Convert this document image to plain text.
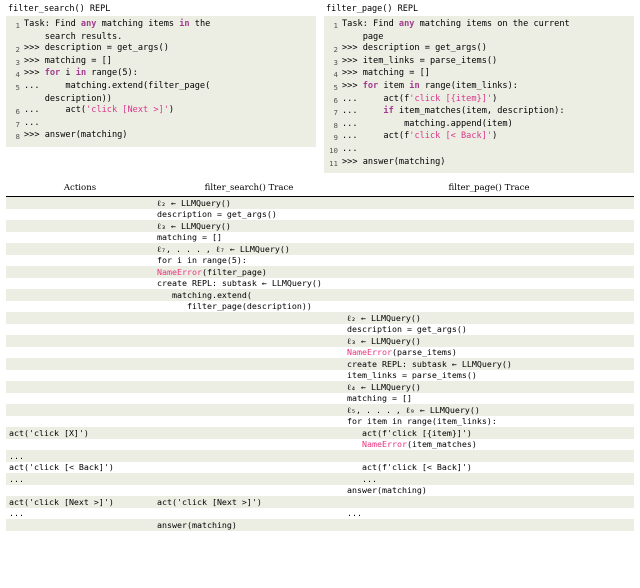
filter_search() REPL
1 Task: Find any matching items in the
search results.
2 >>> description = get_args()
3 >>> matching = []
4 >>> for i in range(5):
5 ...     matching.extend(filter_page(
description))
6 ...     act('click [Next >]')
7 ...
8 >>> answer(matching)
filter_page() REPL
1 Task: Find any matching items on the current
page
2 >>> description = get_args()
3 >>> item_links = parse_items()
4 >>> matching = []
5 >>> for item in range(item_links):
6 ...     act(f'click [{item}]')
7 ...     if item_matches(item, description):
8 ...         matching.append(item)
9 ...     act(f'click [< Back]')
10 ...
11 >>> answer(matching)
Actions	filter_search() Trace	filter_page() Trace
	ℓ₂ ← LLMQuery()	
	description = get_args()	
	ℓ₃ ← LLMQuery()	
	matching = []	
	ℓ₇, . . . , ℓ₇ ← LLMQuery()	
	for i in range(5):	
	NameError(filter_page)	
	create REPL: subtask ← LLMQuery()	
	matching.extend(	
	filter_page(description))	
		ℓ₂ ← LLMQuery()
		description = get_args()
		ℓ₃ ← LLMQuery()
		NameError(parse_items)
		create REPL: subtask ← LLMQuery()
		item_links = parse_items()
		ℓ₄ ← LLMQuery()
		matching = []
		ℓ₅, . . . , ℓ₉ ← LLMQuery()
		for item in range(item_links):
act('click [X]')		act(f'click [{item}]')
		NameError(item_matches)
...		
act('click [< Back]')		act(f'click [< Back]')
...		...
		answer(matching)
act('click [Next >]')	act('click [Next >]')	
...		...
	answer(matching)	
